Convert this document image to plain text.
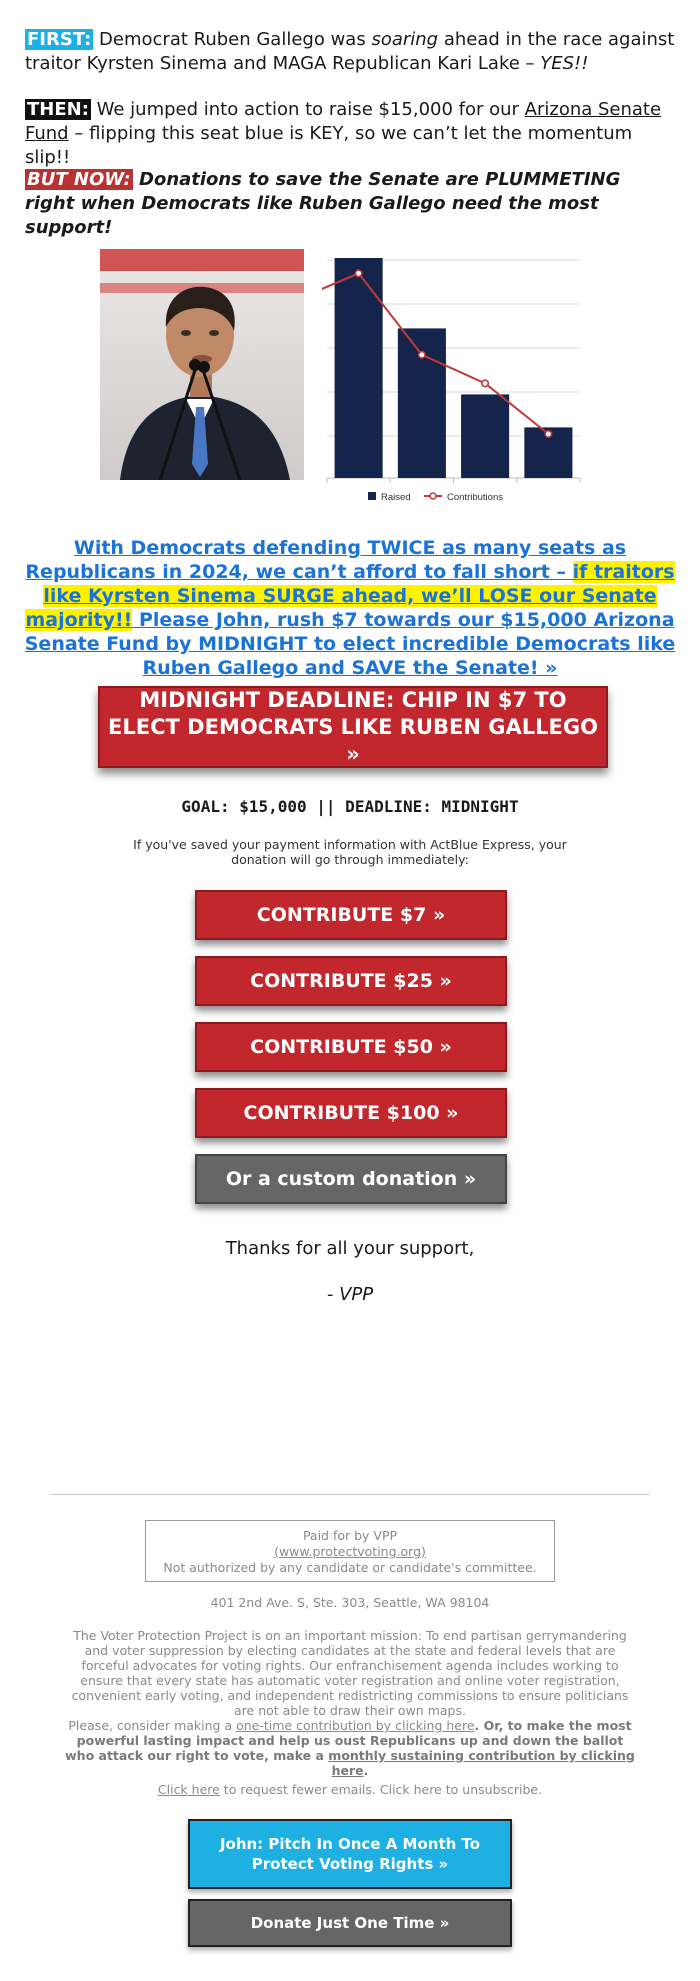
FIRST: Democrat Ruben Gallego was soaring ahead in the race against traitor Kyrsten Sinema and MAGA Republican Kari Lake – YES!!
THEN: We jumped into action to raise $15,000 for our Arizona Senate Fund – flipping this seat blue is KEY, so we can’t let the momentum slip!!
BUT NOW: Donations to save the Senate are PLUMMETING right when Democrats like Ruben Gallego need the most support!
Raised	Contributions
With Democrats defending TWICE as many seats as Republicans in 2024, we can’t afford to fall short – if traitors like Kyrsten Sinema SURGE ahead, we’ll LOSE our Senate majority!! Please John, rush $7 towards our $15,000 Arizona Senate Fund by MIDNIGHT to elect incredible Democrats like Ruben Gallego and SAVE the Senate! »
MIDNIGHT DEADLINE: CHIP IN $7 TO ELECT DEMOCRATS LIKE RUBEN GALLEGO »
GOAL: $15,000 || DEADLINE: MIDNIGHT
If you've saved your payment information with ActBlue Express, your donation will go through immediately:
CONTRIBUTE $7 »
CONTRIBUTE $25 »
CONTRIBUTE $50 »
CONTRIBUTE $100 »
Or a custom donation »
Thanks for all your support,
- VPP
Paid for by VPP
(www.protectvoting.org)
Not authorized by any candidate or candidate's committee.
401 2nd Ave. S, Ste. 303, Seattle, WA 98104
The Voter Protection Project is on an important mission: To end partisan gerrymandering and voter suppression by electing candidates at the state and federal levels that are forceful advocates for voting rights. Our enfranchisement agenda includes working to ensure that every state has automatic voter registration and online voter registration, convenient early voting, and independent redistricting commissions to ensure politicians are not able to draw their own maps.
Please, consider making a one-time contribution by clicking here. Or, to make the most powerful lasting impact and help us oust Republicans up and down the ballot who attack our right to vote, make a monthly sustaining contribution by clicking here.
Click here to request fewer emails. Click here to unsubscribe.
John: Pitch In Once A Month To Protect Voting Rights »
Donate Just One Time »
